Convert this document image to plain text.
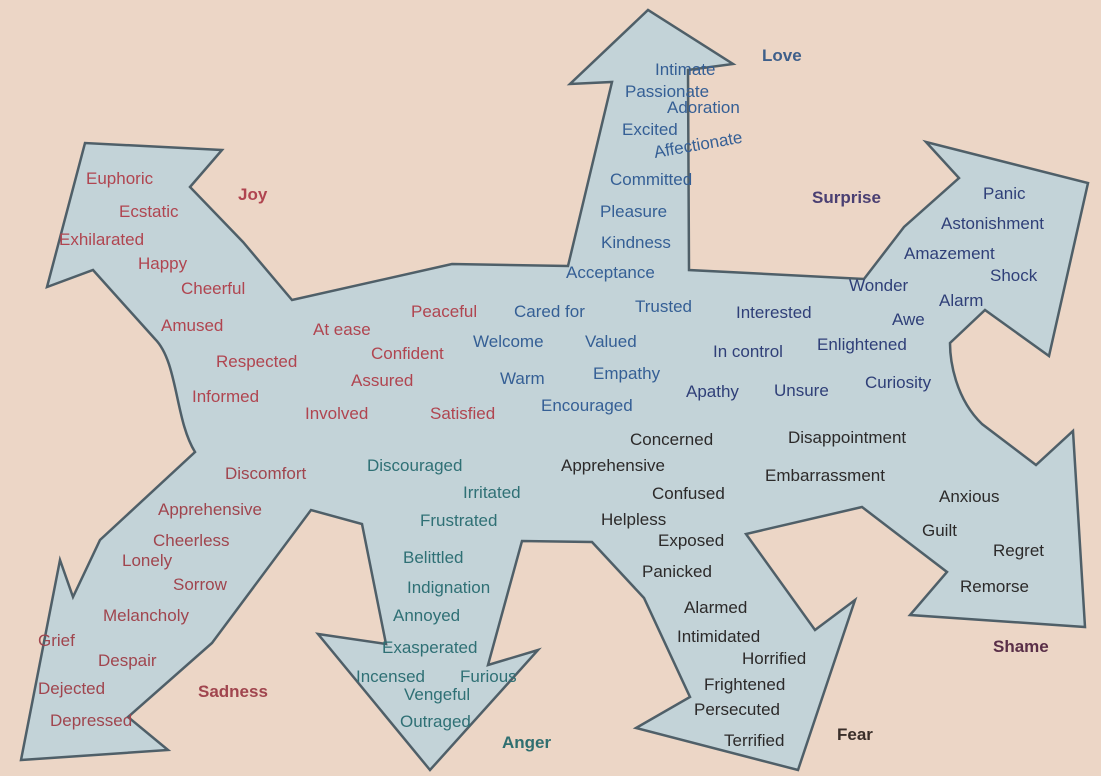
Joy
Love
Surprise
Sadness
Anger	Fear
Shame
Euphoric
Ecstatic
Exhilarated
Happy
Cheerful
Amused	At ease
Peaceful
Respected	Confident
Assured
Informed
Involved	Satisfied
Intimate
Passionate
Adoration
Excited
Affectionate
Committed
Pleasure
Kindness
Acceptance
Cared for	Trusted
Welcome Valued
Warm	Empathy
Encouraged
Panic
Astonishment
Amazement
Shock
Wonder
Alarm
Interested	Awe
In control Enlightened
Apathy Unsure Curiosity
Discomfort
Apprehensive
Cheerless
Lonely
Sorrow
Melancholy
Grief
Despair
Dejected
Depressed
Discouraged
Irritated
Frustrated
Belittled
Indignation
Annoyed
Exasperated
Incensed Furious
Vengeful
Outraged
Concerned
Apprehensive
Confused
Helpless
Exposed
Panicked
Alarmed
Intimidated
Horrified
Frightened
Persecuted
Terrified
Disappointment
Embarrassment
Anxious
Guilt
Regret
Remorse
